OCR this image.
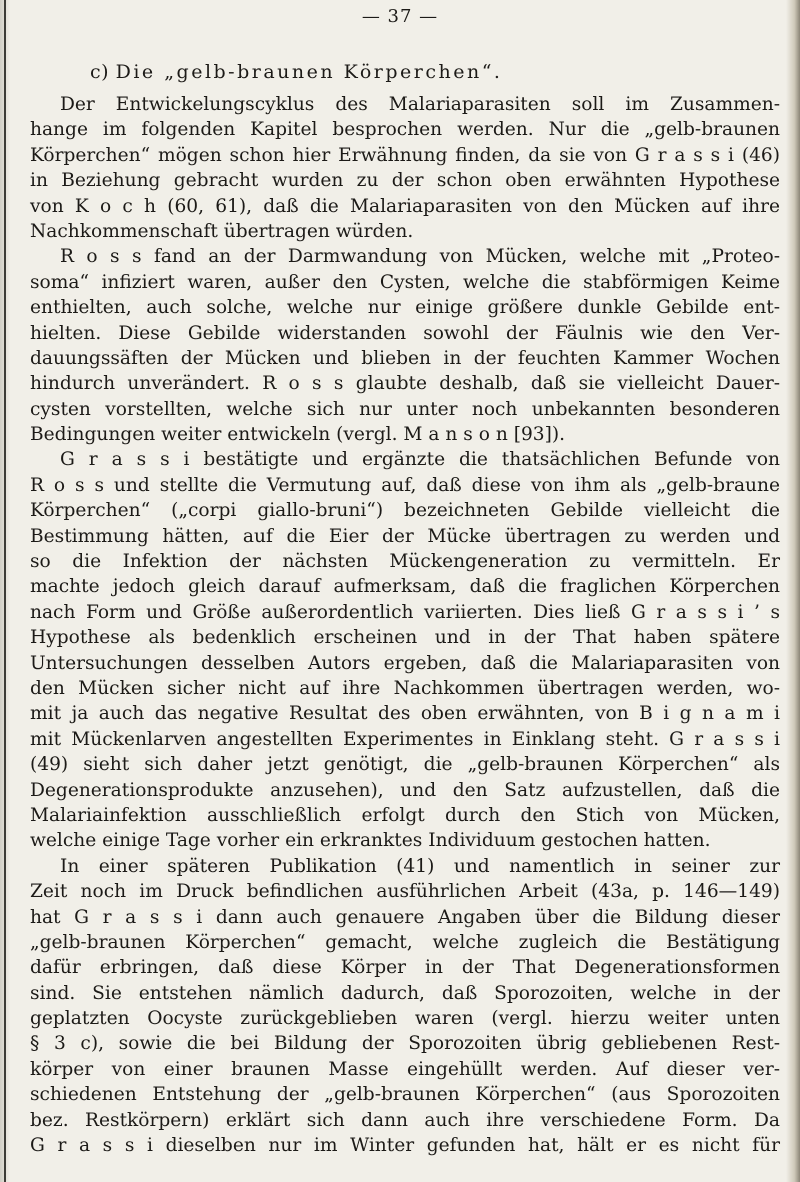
— 37 —
c) Die „gelb-braunen Körperchen“.
Der Entwickelungscyklus des Malariaparasiten soll im Zusammen-
hange im folgenden Kapitel besprochen werden. Nur die „gelb-braunen
Körperchen“ mögen schon hier Erwähnung finden, da sie von G r a s s i (46)
in Beziehung gebracht wurden zu der schon oben erwähnten Hypothese
von K o c h (60, 61), daß die Malariaparasiten von den Mücken auf ihre
Nachkommenschaft übertragen würden.
R o s s fand an der Darmwandung von Mücken, welche mit „Proteo-
soma“ infiziert waren, außer den Cysten, welche die stabförmigen Keime
enthielten, auch solche, welche nur einige größere dunkle Gebilde ent-
hielten. Diese Gebilde widerstanden sowohl der Fäulnis wie den Ver-
dauungssäften der Mücken und blieben in der feuchten Kammer Wochen
hindurch unverändert. R o s s glaubte deshalb, daß sie vielleicht Dauer-
cysten vorstellten, welche sich nur unter noch unbekannten besonderen
Bedingungen weiter entwickeln (vergl. M a n s o n [93]).
G r a s s i bestätigte und ergänzte die thatsächlichen Befunde von
R o s s und stellte die Vermutung auf, daß diese von ihm als „gelb-braune
Körperchen“ („corpi giallo-bruni“) bezeichneten Gebilde vielleicht die
Bestimmung hätten, auf die Eier der Mücke übertragen zu werden und
so die Infektion der nächsten Mückengeneration zu vermitteln. Er
machte jedoch gleich darauf aufmerksam, daß die fraglichen Körperchen
nach Form und Größe außerordentlich variierten. Dies ließ G r a s s i ’ s
Hypothese als bedenklich erscheinen und in der That haben spätere
Untersuchungen desselben Autors ergeben, daß die Malariaparasiten von
den Mücken sicher nicht auf ihre Nachkommen übertragen werden, wo-
mit ja auch das negative Resultat des oben erwähnten, von B i g n a m i
mit Mückenlarven angestellten Experimentes in Einklang steht. G r a s s i
(49) sieht sich daher jetzt genötigt, die „gelb-braunen Körperchen“ als
Degenerationsprodukte anzusehen), und den Satz aufzustellen, daß die
Malariainfektion ausschließlich erfolgt durch den Stich von Mücken,
welche einige Tage vorher ein erkranktes Individuum gestochen hatten.
In einer späteren Publikation (41) und namentlich in seiner zur
Zeit noch im Druck befindlichen ausführlichen Arbeit (43a, p. 146—149)
hat G r a s s i dann auch genauere Angaben über die Bildung dieser
„gelb-braunen Körperchen“ gemacht, welche zugleich die Bestätigung
dafür erbringen, daß diese Körper in der That Degenerationsformen
sind. Sie entstehen nämlich dadurch, daß Sporozoiten, welche in der
geplatzten Oocyste zurückgeblieben waren (vergl. hierzu weiter unten
§ 3 c), sowie die bei Bildung der Sporozoiten übrig gebliebenen Rest-
körper von einer braunen Masse eingehüllt werden. Auf dieser ver-
schiedenen Entstehung der „gelb-braunen Körperchen“ (aus Sporozoiten
bez. Restkörpern) erklärt sich dann auch ihre verschiedene Form. Da
G r a s s i dieselben nur im Winter gefunden hat, hält er es nicht für
